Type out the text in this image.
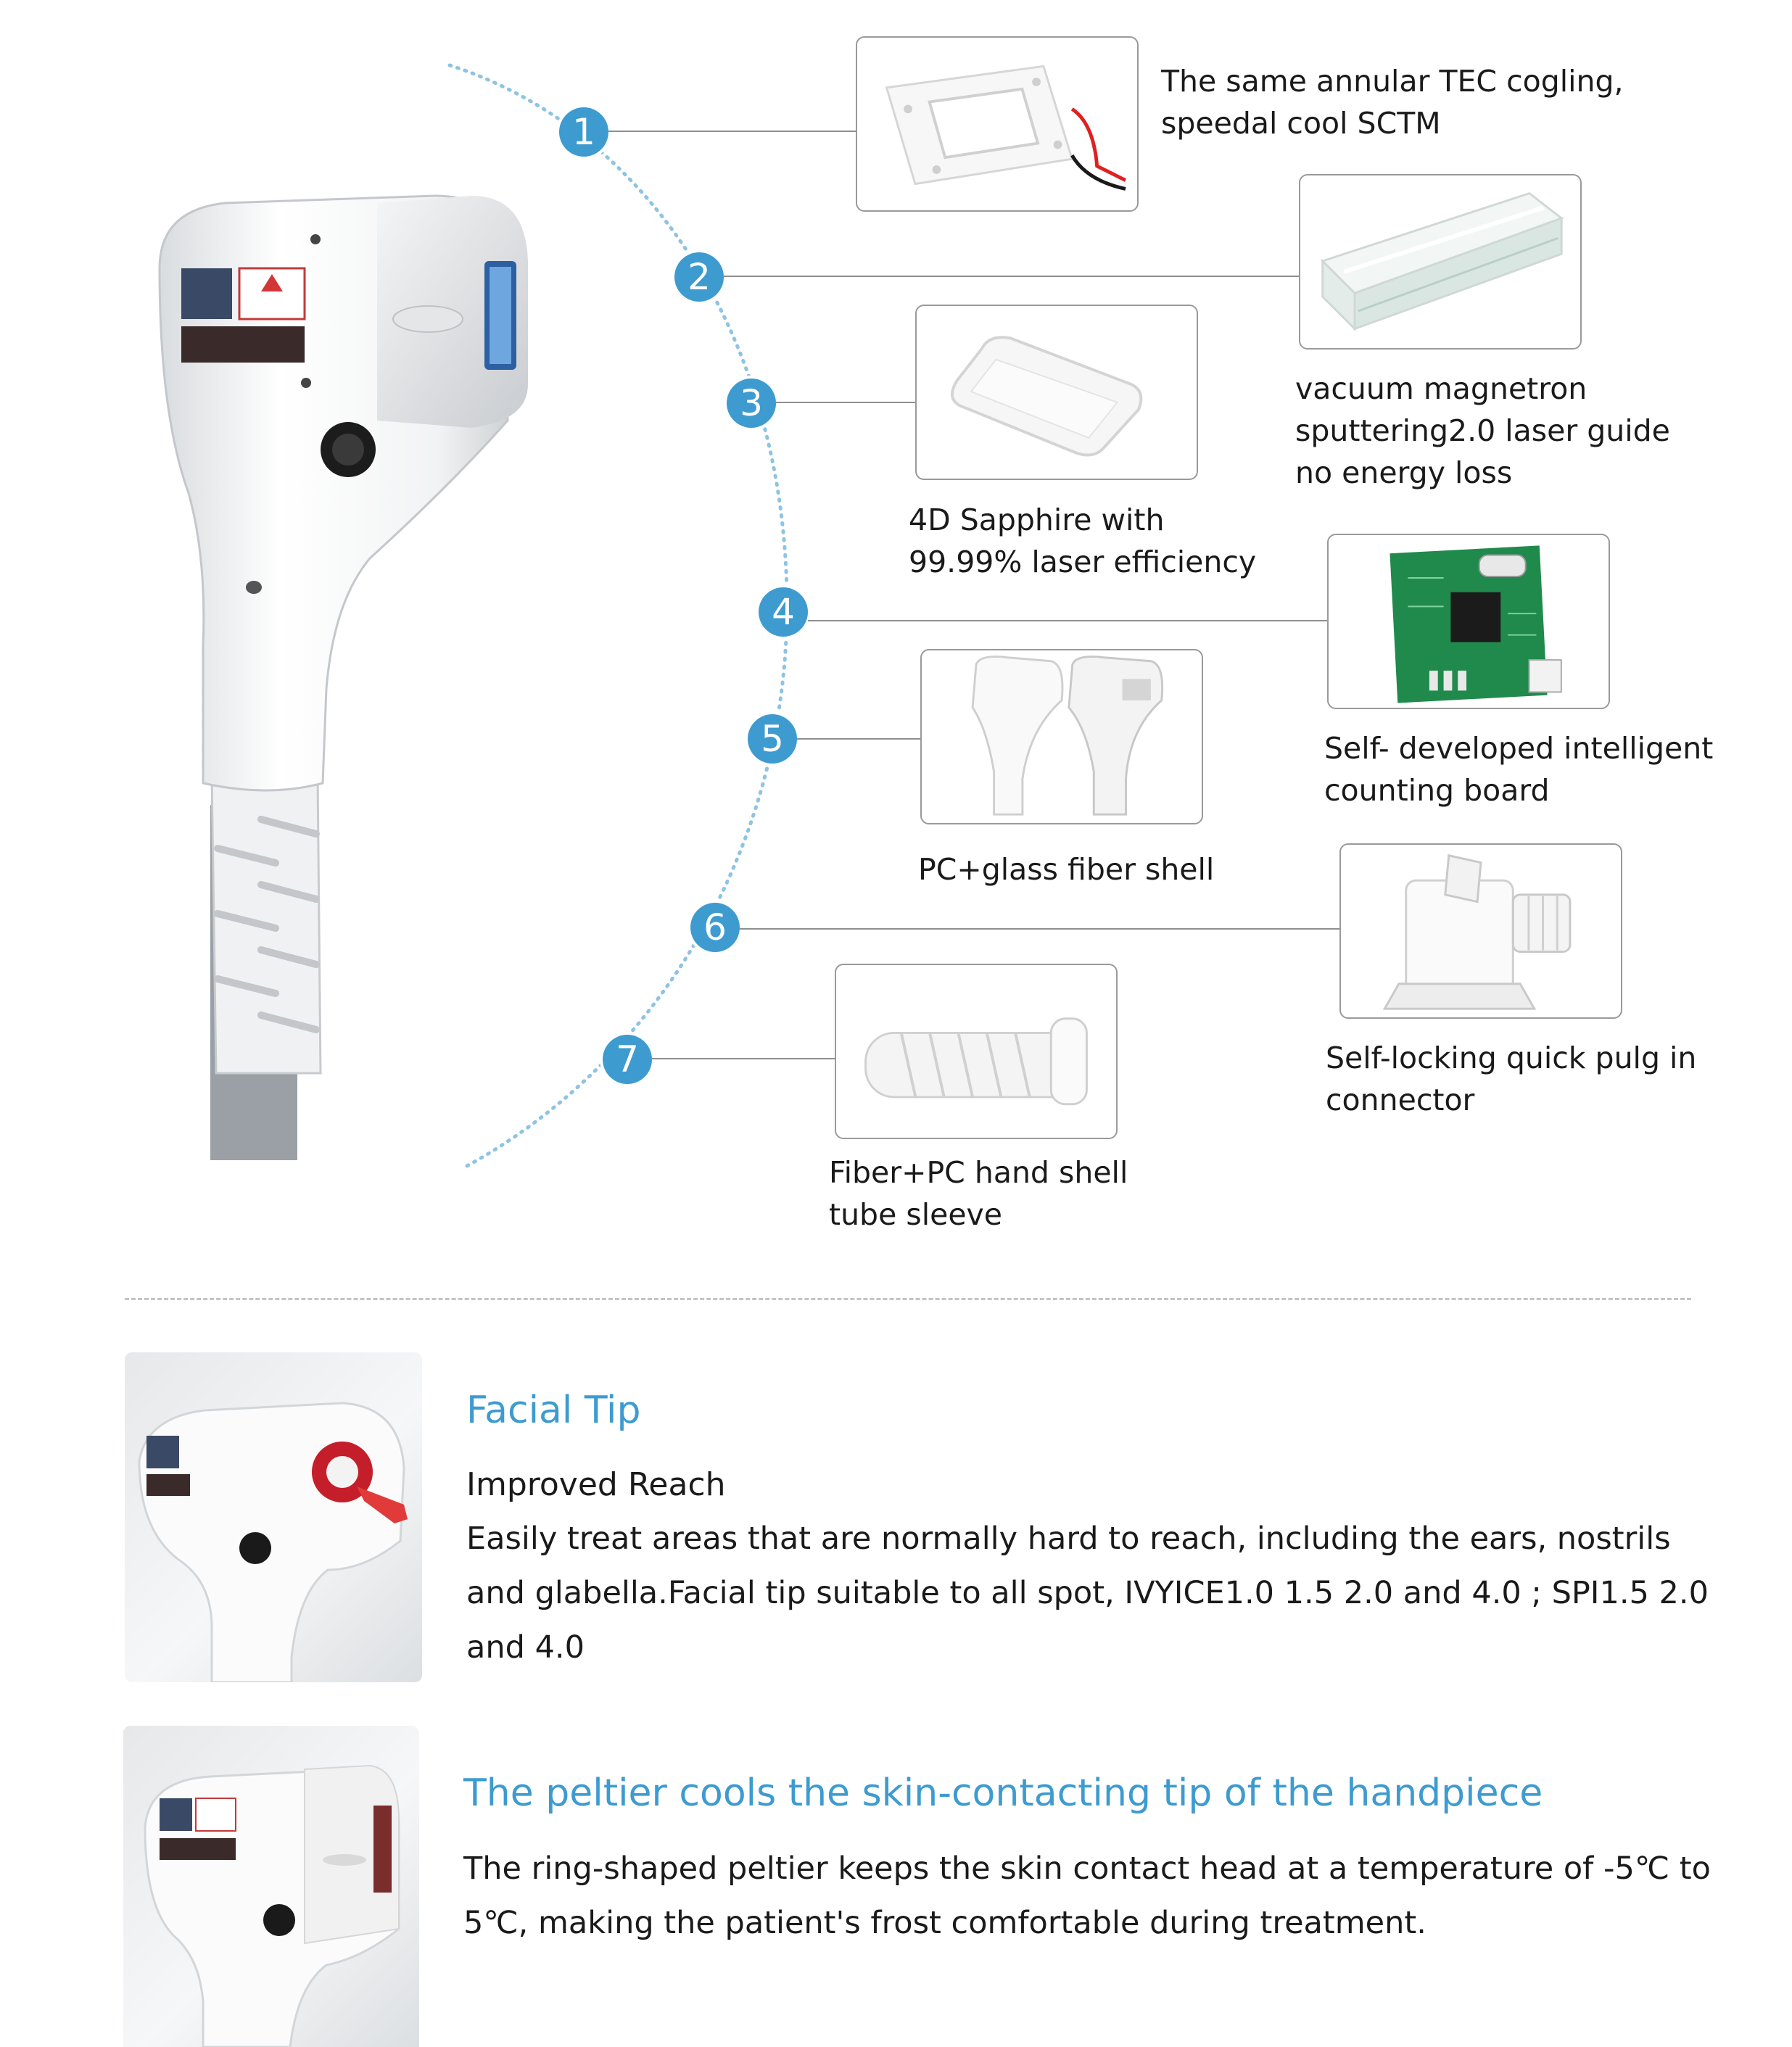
1
2
3
4
5
6
7
The same annular TEC cogling,
speedal cool SCTM
vacuum magnetron
sputtering2.0 laser guide
no energy loss
4D Sapphire with
99.99% laser efficiency
Self- developed intelligent
counting board
PC+glass fiber shell
Self-locking quick pulg in
connector
Fiber+PC hand shell
tube sleeve
Facial Tip
Improved Reach
Easily treat areas that are normally hard to reach, including the ears, nostrils
and glabella.Facial tip suitable to all spot, IVYICE1.0 1.5 2.0 and 4.0 ; SPI1.5 2.0
and 4.0
The peltier cools the skin-contacting tip of the handpiece
The ring-shaped peltier keeps the skin contact head at a temperature of -5℃ to
5℃, making the patient's frost comfortable during treatment.
